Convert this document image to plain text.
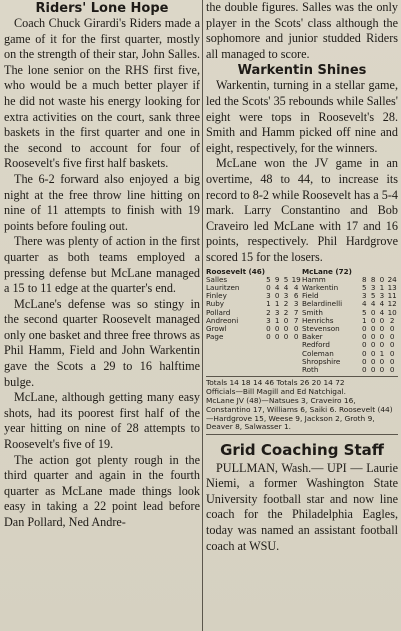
Riders' Lone Hope

Coach Chuck Girardi's Riders made a game of it for the first quarter, mostly on the strength of their star, John Salles. The lone senior on the RHS first five, who would be a much better player if he did not waste his energy looking for extra activities on the court, sank three baskets in the first quarter and one in the second to account for four of Roosevelt's five first half baskets.

The 6-2 forward also enjoyed a big night at the free throw line hitting on nine of 11 attempts to finish with 19 points before fouling out.

There was plenty of action in the first quarter as both teams employed a pressing defense but McLane managed a 15 to 11 edge at the quarter's end.

McLane's defense was so stingy in the second quarter Roosevelt managed only one basket and three free throws as Phil Hamm, Field and John Warkentin gave the Scots a 29 to 16 halftime bulge.

McLane, although getting many easy shots, had its poorest first half of the year hitting on nine of 28 attempts to Roosevelt's five of 19.

The action got plenty rough in the third quarter and again in the fourth quarter as McLane made things look easy in taking a 22 point lead before Dan Pollard, Ned Andre-

the double figures. Salles was the only player in the Scots' class although the sophomore and junior studded Riders all managed to score.

Warkentin Shines

Warkentin, turning in a stellar game, led the Scots' 35 rebounds while Salles' eight were tops in Roosevelt's 28. Smith and Hamm picked off nine and eight, respectively, for the winners.

McLane won the JV game in an overtime, 48 to 44, to increase its record to 8-2 while Roosevelt has a 5-4 mark. Larry Constantino and Bob Craveiro led McLane with 17 and 16 points, respectively. Phil Hardgrove scored 15 for the losers.

Roosevelt (46)	McLane (72)
Salles	5	9	5	19	Hamm	8	8	0	24
Lauritzen	0	4	4	4	Warkentin	5	3	1	13
Finley	3	0	3	6	Field	3	5	3	11
Ruby	1	1	2	3	Belardinelli	4	4	4	12
Pollard	2	3	2	7	Smith	5	0	4	10
Andreoni	3	1	0	7	Henrichs	1	0	0	2
Growl	0	0	0	0	Stevenson	0	0	0	0
Page	0	0	0	0	Baker	0	0	0	0
					Redford	0	0	0	0
					Coleman	0	0	1	0
					Shropshire	0	0	0	0
					Roth	0	0	0	0
Totals 14 18 14 46 Totals 26 20 14 72
Officials—Bill Magill and Ed Natchigal.
McLane JV (48)—Natsues 3, Craveiro 16, Constantino 17, Williams 6, Saiki 6. Roosevelt (44)—Hardgrove 15, Weese 9, Jackson 2, Groth 9, Deaver 8, Salwasser 1.
Grid Coaching Staff

PULLMAN, Wash.— UPI — Laurie Niemi, a former Washington State University football star and now line coach for the Philadelphia Eagles, today was named an assistant football coach at WSU.
